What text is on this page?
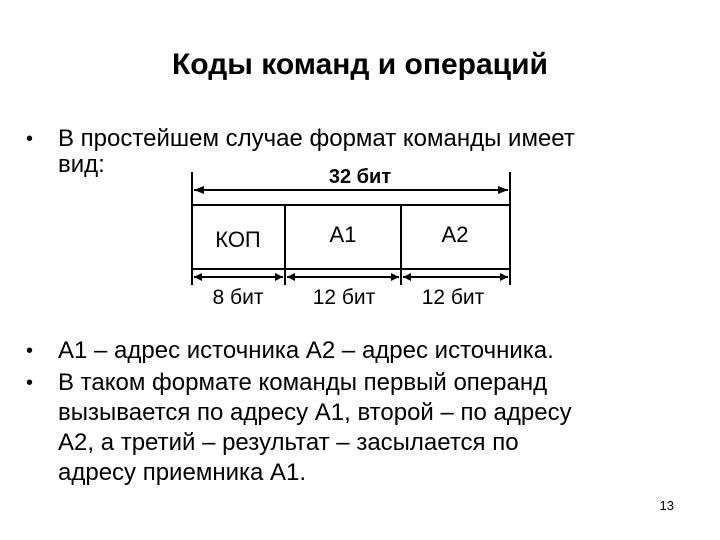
Коды команд и операций
• В простейшем случае формат команды имеет
вид:	32 бит
КОП	А1	А2
8 бит 12 бит 12 бит
• А1 – адрес источника А2 – адрес источника.
• В таком формате команды первый операнд
вызывается по адресу А1, второй – по адресу
А2, а третий – результат – засылается по
адресу приемника А1.
13
